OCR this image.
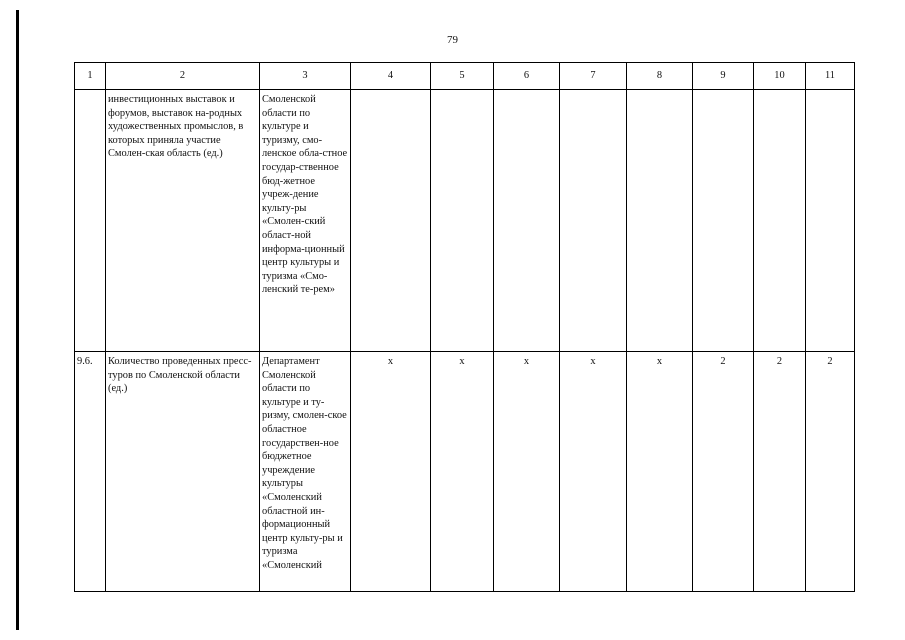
79
1	2	3	4	5	6	7	8	9	10	11
	инвестиционных выставок и форумов, выставок на-родных художественных промыслов, в которых приняла участие Смолен-ская область (ед.)	Смоленской области по культуре и туризму, смо-ленское обла-стное государ-ственное бюд-жетное учреж-дение культу-ры «Смолен-ский област-ной информа-ционный центр культуры и туризма «Смо-ленский те-рем»								
9.6.	Количество проведенных пресс-туров по Смоленской области (ед.)	Департамент Смоленской области по культуре и ту-ризму, смолен-ское областное государствен-ное бюджетное учреждение культуры «Смоленский областной ин-формационный центр культу-ры и туризма «Смоленский	x	x	x	x	x	2	2	2
